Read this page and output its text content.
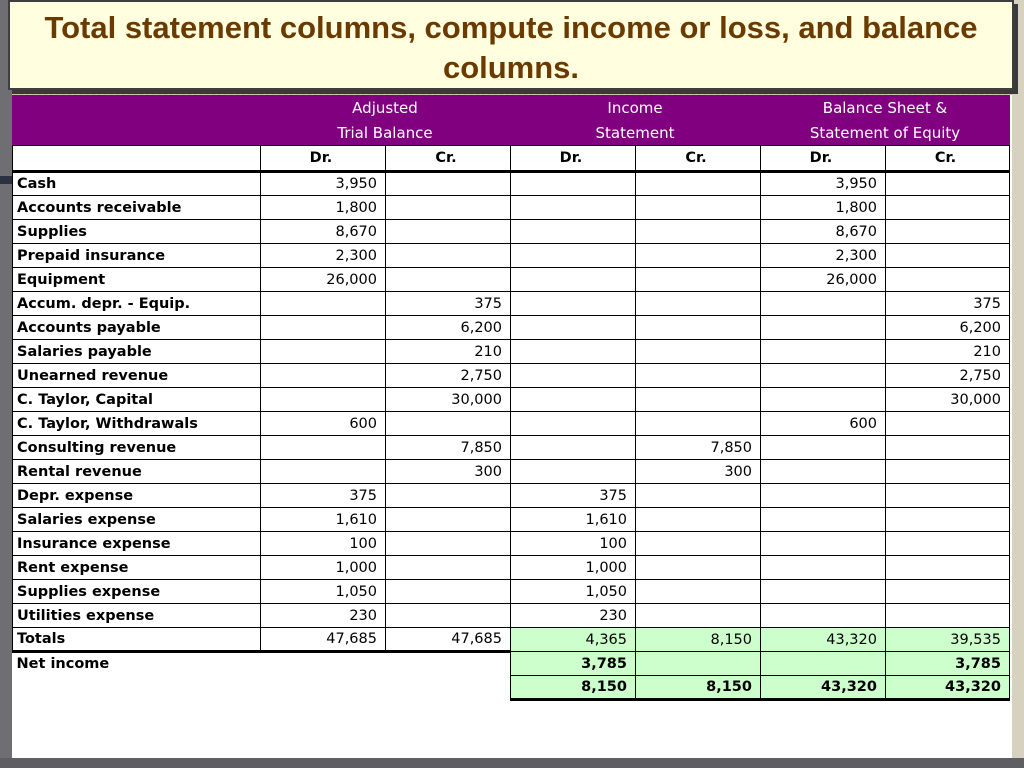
Total statement columns, compute income or loss, and balance columns.
Adjusted
Trial Balance
Income
Statement
Balance Sheet &
Statement of Equity
	Dr.	Cr.	Dr.	Cr.	Dr.	Cr.
Cash	3,950				3,950	
Accounts receivable	1,800				1,800	
Supplies	8,670				8,670	
Prepaid insurance	2,300				2,300	
Equipment	26,000				26,000	
Accum. depr. - Equip.		375				375
Accounts payable		6,200				6,200
Salaries payable		210				210
Unearned revenue		2,750				2,750
C. Taylor, Capital		30,000				30,000
C. Taylor, Withdrawals	600				600	
Consulting revenue		7,850		7,850		
Rental revenue		300		300		
Depr. expense	375		375			
Salaries expense	1,610		1,610			
Insurance expense	100		100			
Rent expense	1,000		1,000			
Supplies expense	1,050		1,050			
Utilities expense	230		230			
Totals	47,685	47,685	4,365	8,150	43,320	39,535
Net income			3,785			3,785
			8,150	8,150	43,320	43,320
